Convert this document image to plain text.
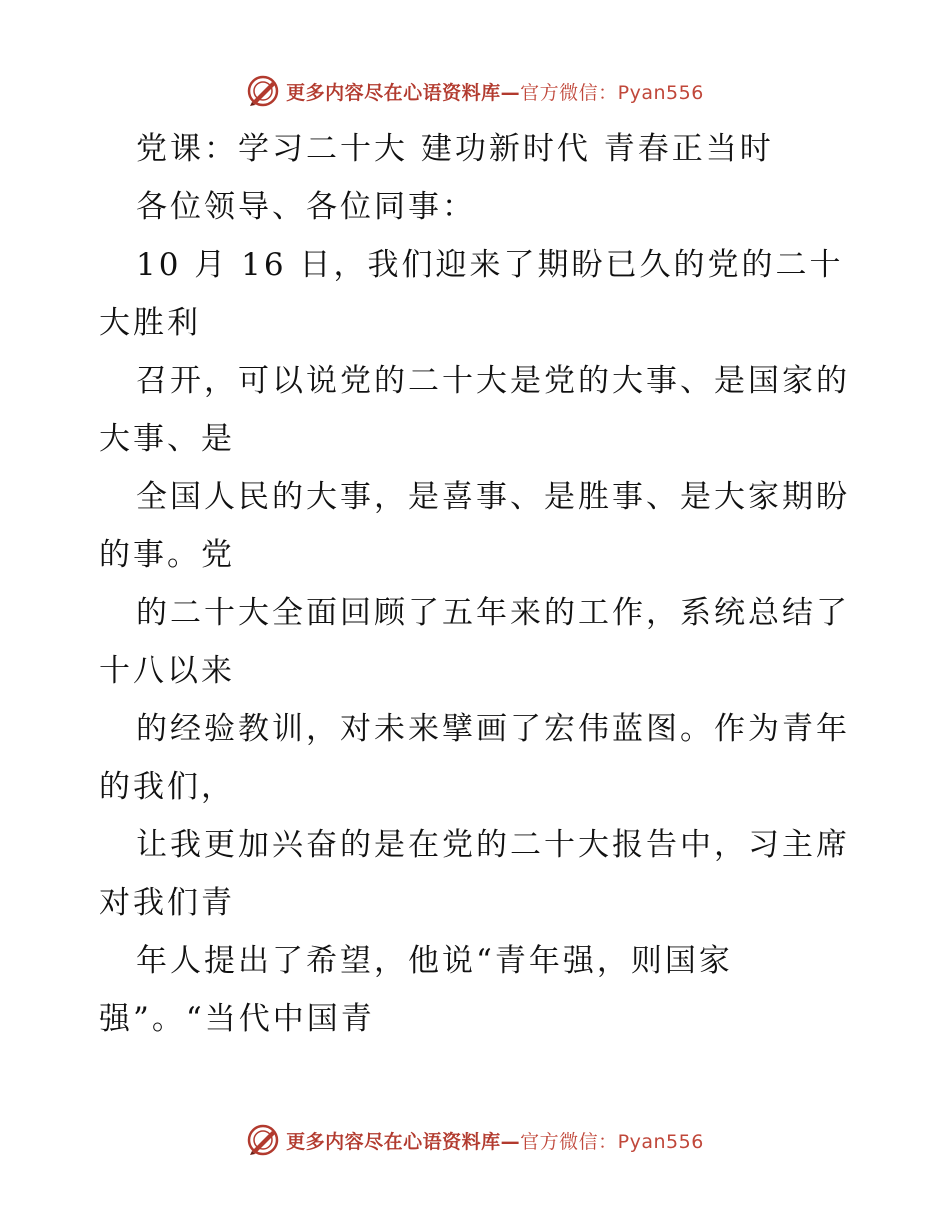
更多内容尽在心语资料库—官方微信：Pyan556
党课：学习二十大 建功新时代 青春正当时
各位领导、各位同事：
10 月 16 日，我们迎来了期盼已久的党的二十
大胜利
召开，可以说党的二十大是党的大事、是国家的
大事、是
全国人民的大事，是喜事、是胜事、是大家期盼
的事。党
的二十大全面回顾了五年来的工作，系统总结了
十八以来
的经验教训，对未来擘画了宏伟蓝图。作为青年
的我们，
让我更加兴奋的是在党的二十大报告中，习主席
对我们青
年人提出了希望，他说“青年强，则国家
强”。“当代中国青
更多内容尽在心语资料库—官方微信：Pyan556
